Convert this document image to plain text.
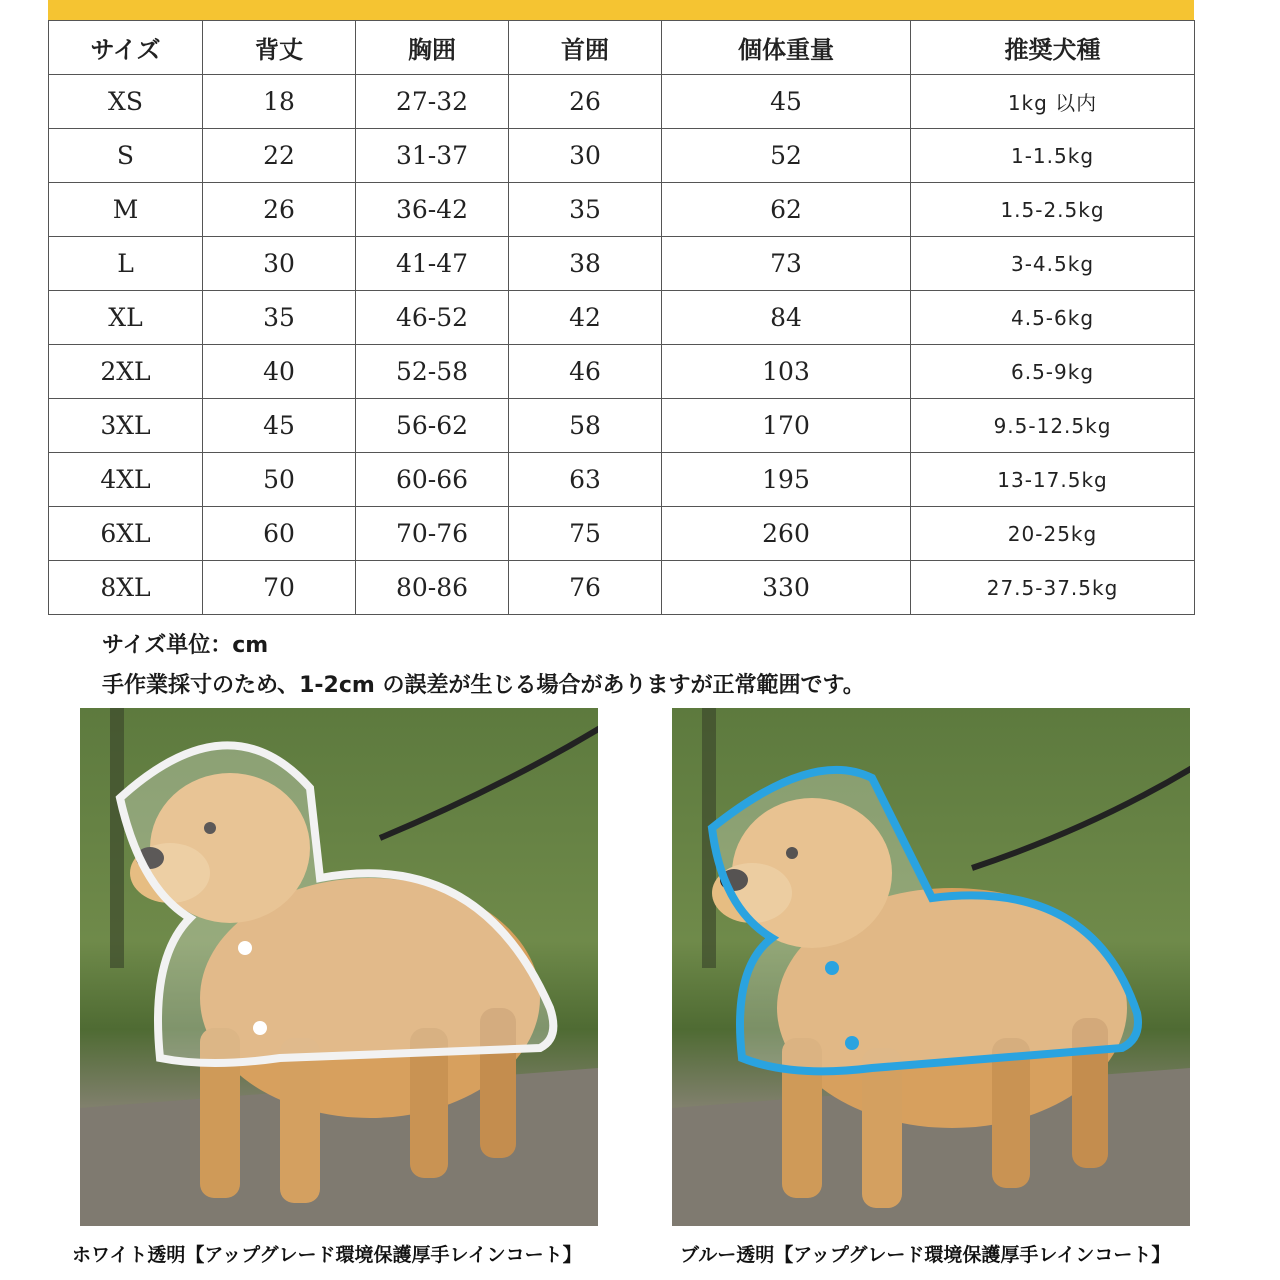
サイズ	背丈	胸囲	首囲	個体重量	推奨犬種
XS	18	27-32	26	45	1kg 以内
S	22	31-37	30	52	1-1.5kg
M	26	36-42	35	62	1.5-2.5kg
L	30	41-47	38	73	3-4.5kg
XL	35	46-52	42	84	4.5-6kg
2XL	40	52-58	46	103	6.5-9kg
3XL	45	56-62	58	170	9.5-12.5kg
4XL	50	60-66	63	195	13-17.5kg
6XL	60	70-76	75	260	20-25kg
8XL	70	80-86	76	330	27.5-37.5kg
サイズ単位：cm
手作業採寸のため、1-2cm の誤差が生じる場合がありますが正常範囲です。
ホワイト透明【アップグレード環境保護厚手レインコート】	ブルー透明【アップグレード環境保護厚手レインコート】
